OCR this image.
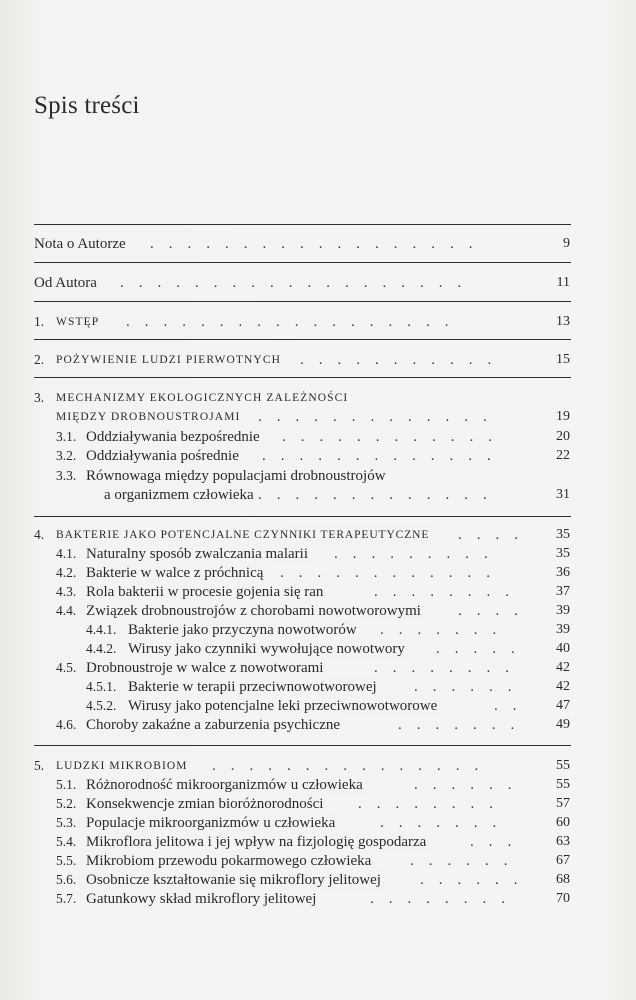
Spis treści
.    .    .    .    .    .    .    .    .    .    .    .    .    .    .    .    .    .
Nota o Autorze	9
.    .    .    .    .    .    .    .    .    .    .    .    .    .    .    .    .    .    .
Od Autora	11
.    .    .    .    .    .    .    .    .    .    .    .    .    .    .    .    .    .
1. WSTĘP	13
.    .    .    .    .    .    .    .    .    .    .
2. POŻYWIENIE LUDZI PIERWOTNYCH	15
3. MECHANIZMY EKOLOGICZNYCH ZALEŻNOŚCI
.    .    .    .    .    .    .    .    .    .    .    .    .
MIĘDZY DROBNOUSTROJAMI	19
.    .    .    .    .    .    .    .    .    .    .    .
3.1. Oddziaływania bezpośrednie	20
.    .    .    .    .    .    .    .    .    .    .    .    .
3.2. Oddziaływania pośrednie	22
3.3. Równowaga między populacjami drobnoustrojów
.    .    .    .    .    .    .    .    .    .    .    .    .
a organizmem człowieka	31
.    .    .    .
4. BAKTERIE JAKO POTENCJALNE CZYNNIKI TERAPEUTYCZNE	35
.    .    .    .    .    .    .    .    .
4.1. Naturalny sposób zwalczania malarii	35
.    .    .    .    .    .    .    .    .    .    .    .
4.2. Bakterie w walce z próchnicą	36
.    .    .    .    .    .    .    .
4.3. Rola bakterii w procesie gojenia się ran	37
.    .    .    .
4.4. Związek drobnoustrojów z chorobami nowotworowymi	39
.    .    .    .    .    .    .
4.4.1. Bakterie jako przyczyna nowotworów	39
.    .    .    .    .
4.4.2. Wirusy jako czynniki wywołujące nowotwory	40
.    .    .    .    .    .    .    .
4.5. Drobnoustroje w walce z nowotworami	42
.    .    .    .    .    .
4.5.1. Bakterie w terapii przeciwnowotworowej	42
.    .
4.5.2. Wirusy jako potencjalne leki przeciwnowotworowe	47
.    .    .    .    .    .    .
4.6. Choroby zakaźne a zaburzenia psychiczne	49
.    .    .    .    .    .    .    .    .    .    .    .    .    .    .
5. LUDZKI MIKROBIOM	55
.    .    .    .    .    .
5.1. Różnorodność mikroorganizmów u człowieka	55
.    .    .    .    .    .    .    .
5.2. Konsekwencje zmian bioróżnorodności	57
.    .    .    .    .    .    .
5.3. Populacje mikroorganizmów u człowieka	60
.    .    .
5.4. Mikroflora jelitowa i jej wpływ na fizjologię gospodarza	63
.    .    .    .    .    .
5.5. Mikrobiom przewodu pokarmowego człowieka	67
.    .    .    .    .    .
5.6. Osobnicze kształtowanie się mikroflory jelitowej	68
.    .    .    .    .    .    .    .
5.7. Gatunkowy skład mikroflory jelitowej	70
